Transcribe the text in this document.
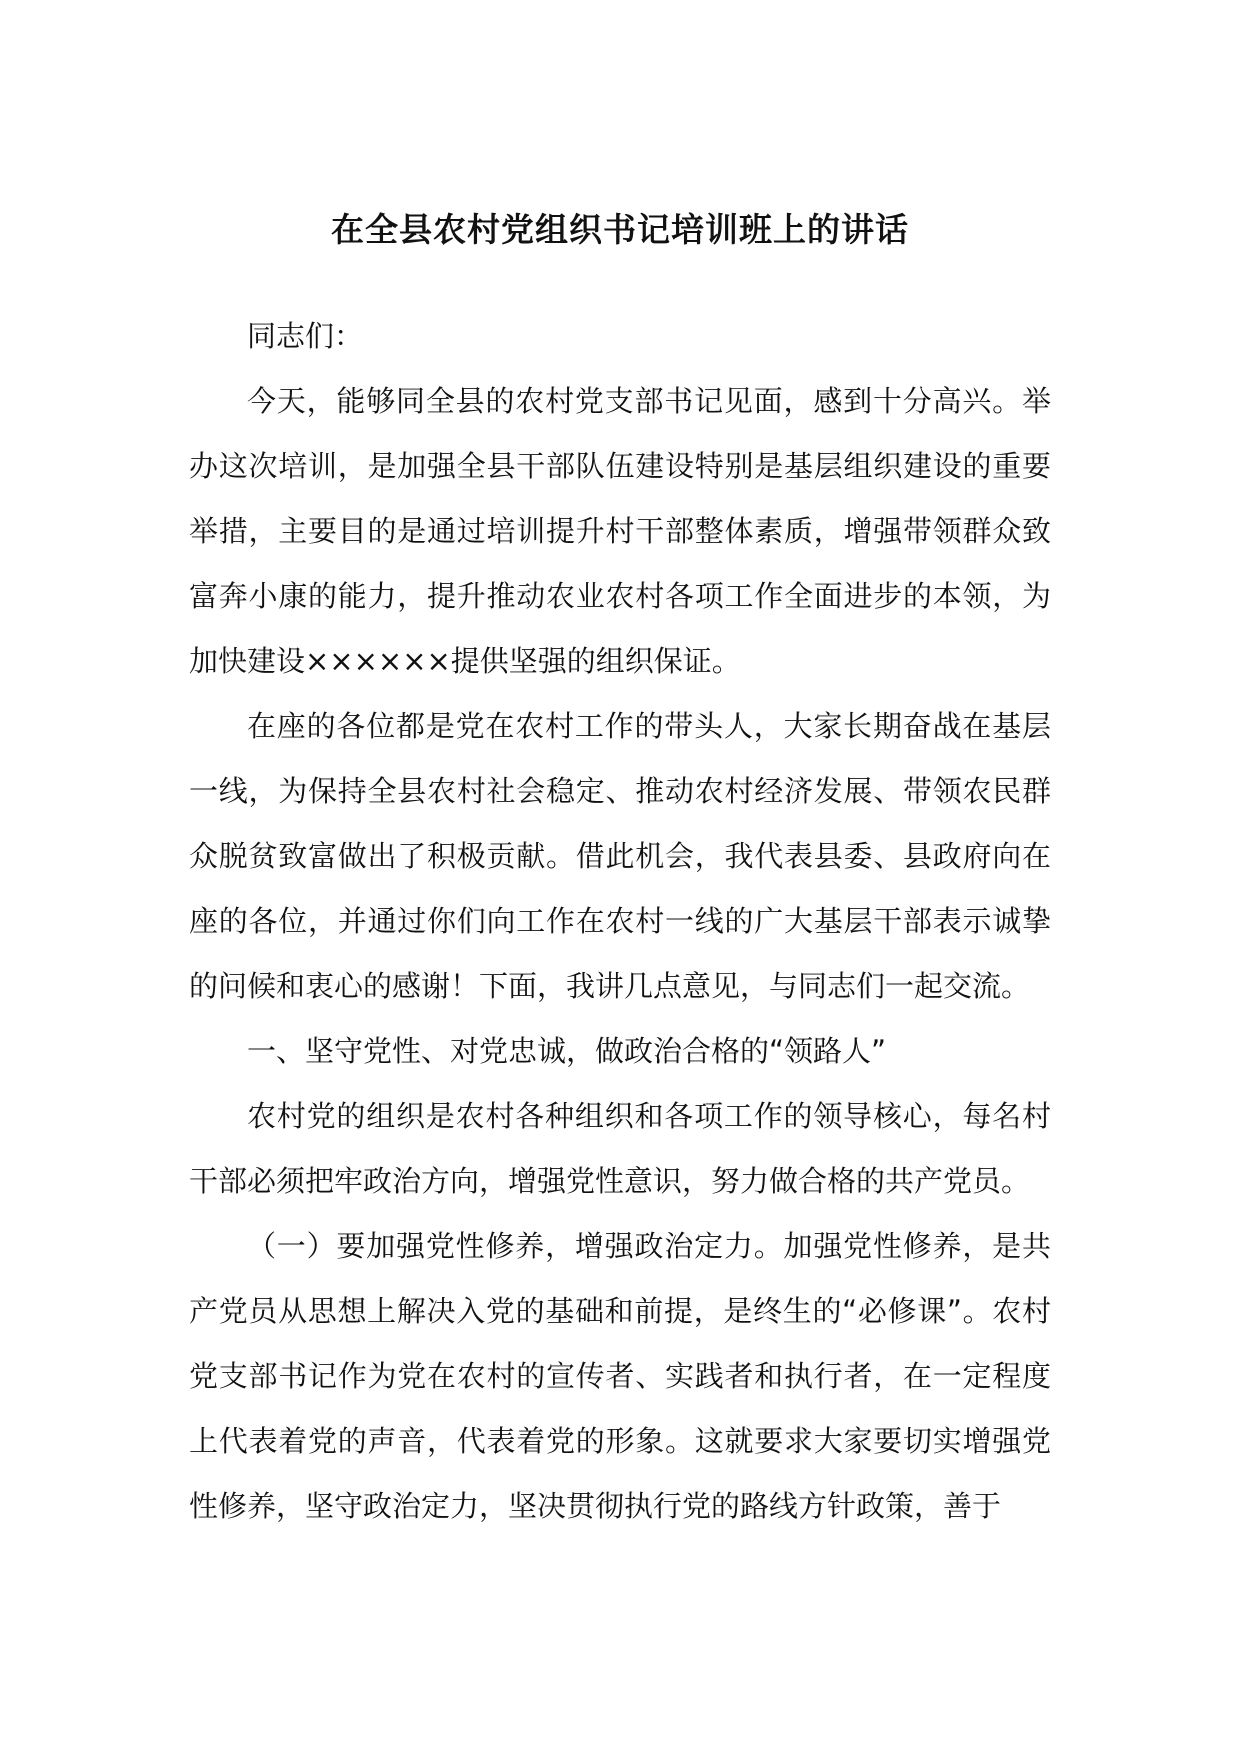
在全县农村党组织书记培训班上的讲话

同志们：

今天，能够同全县的农村党支部书记见面，感到十分高兴。举办这次培训，是加强全县干部队伍建设特别是基层组织建设的重要举措，主要目的是通过培训提升村干部整体素质，增强带领群众致富奔小康的能力，提升推动农业农村各项工作全面进步的本领，为加快建设××××××提供坚强的组织保证。

在座的各位都是党在农村工作的带头人，大家长期奋战在基层一线，为保持全县农村社会稳定、推动农村经济发展、带领农民群众脱贫致富做出了积极贡献。借此机会，我代表县委、县政府向在座的各位，并通过你们向工作在农村一线的广大基层干部表示诚挚的问候和衷心的感谢！下面，我讲几点意见，与同志们一起交流。

一、坚守党性、对党忠诚，做政治合格的“领路人”

农村党的组织是农村各种组织和各项工作的领导核心，每名村干部必须把牢政治方向，增强党性意识，努力做合格的共产党员。

（一）要加强党性修养，增强政治定力。加强党性修养，是共产党员从思想上解决入党的基础和前提，是终生的“必修课”。农村党支部书记作为党在农村的宣传者、实践者和执行者，在一定程度上代表着党的声音，代表着党的形象。这就要求大家要切实增强党性修养，坚守政治定力，坚决贯彻执行党的路线方针政策，善于
